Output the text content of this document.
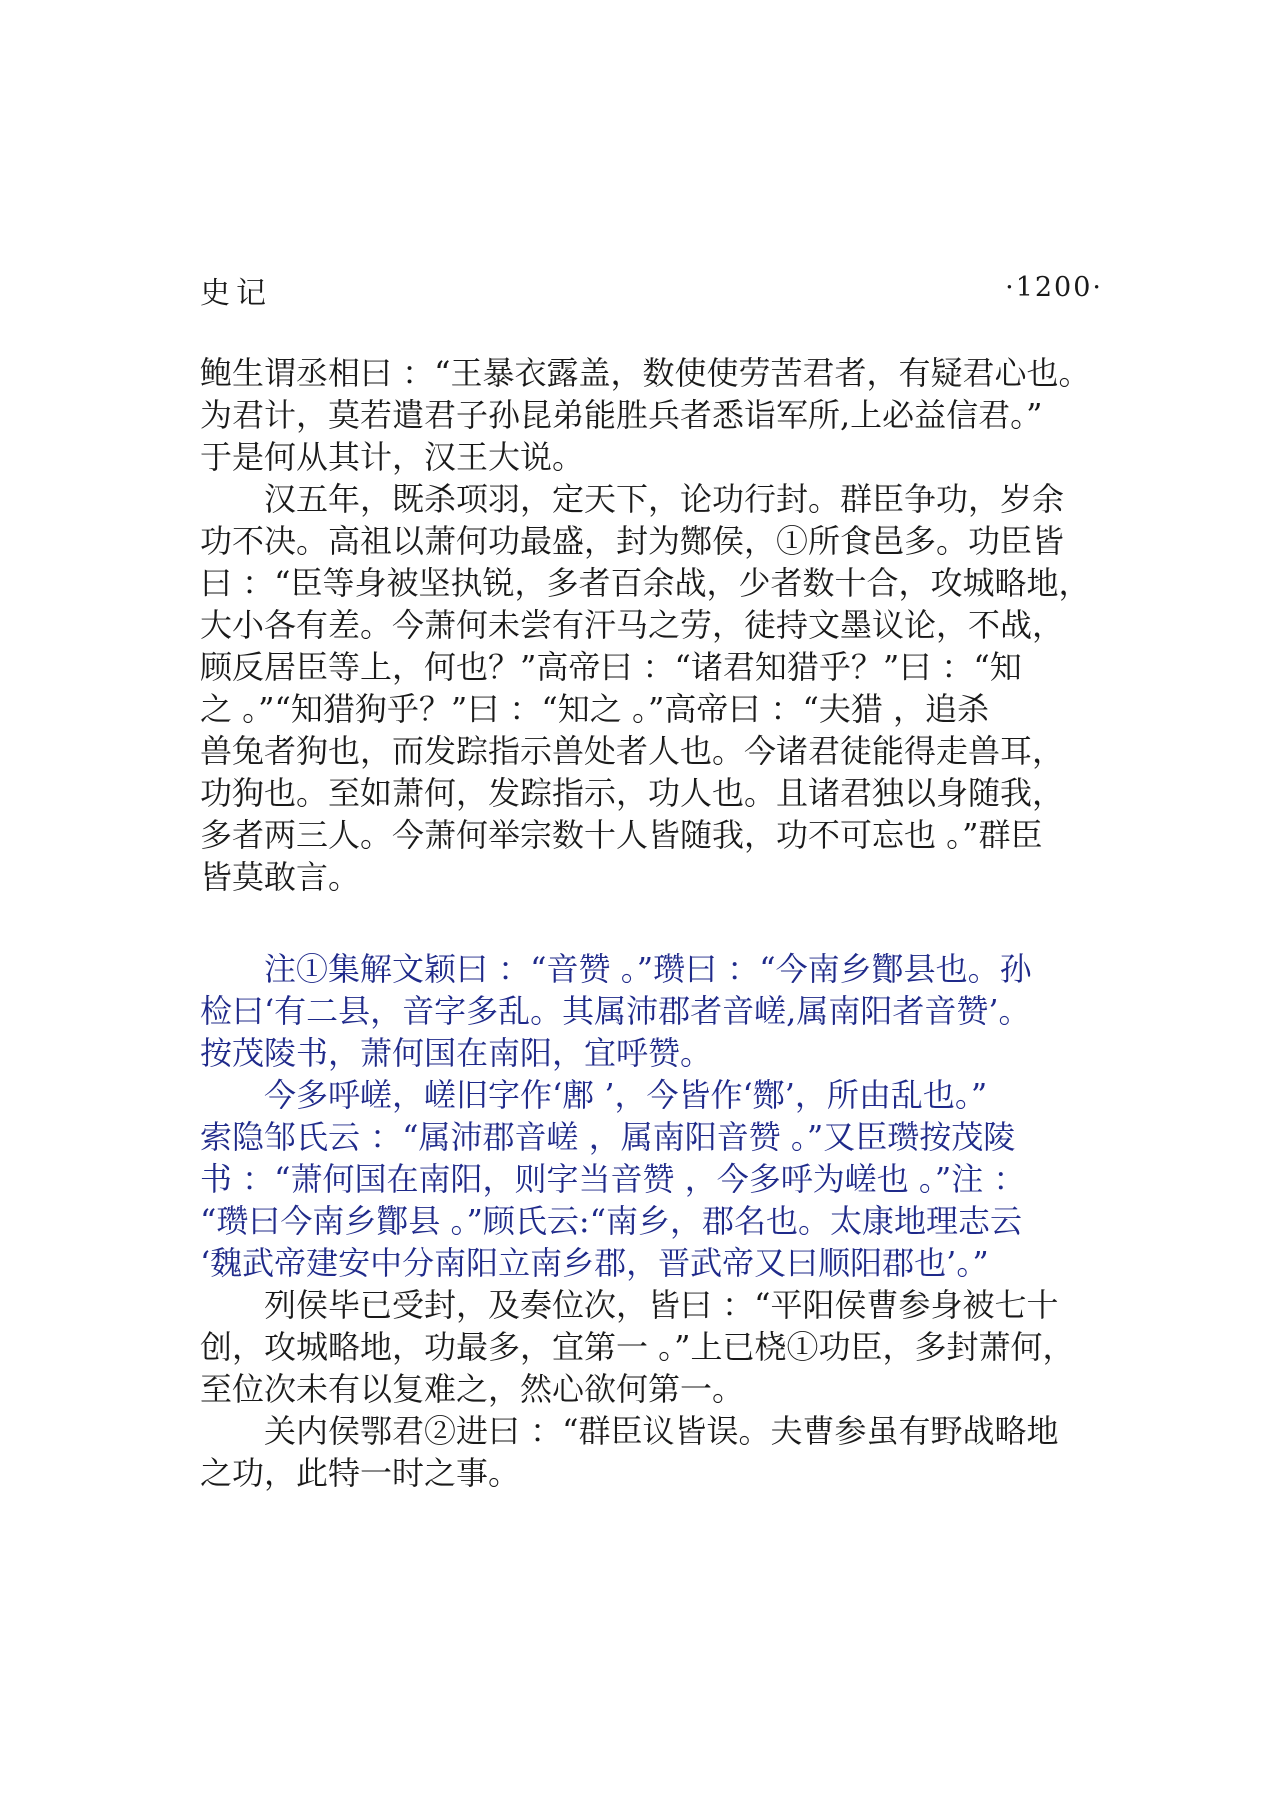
史记	·1200·
鲍生谓丞相曰 ：“王暴衣露盖，数使使劳苦君者，有疑君心也。
为君计，莫若遣君子孙昆弟能胜兵者悉诣军所,上必益信君。”
于是何从其计，汉王大说。
汉五年，既杀项羽，定天下，论功行封。群臣争功，岁余
功不决。高祖以萧何功最盛，封为酂侯，①所食邑多。功臣皆
曰 ：“臣等身被坚执锐，多者百余战，少者数十合，攻城略地，
大小各有差。今萧何未尝有汗马之劳，徒持文墨议论，不战，
顾反居臣等上，何也？”高帝曰 ：“诸君知猎乎？”曰 ：“知
之 。”“知猎狗乎？”曰 ：“知之 。”高帝曰 ：“夫猎 ，追杀
兽兔者狗也，而发踪指示兽处者人也。今诸君徒能得走兽耳，
功狗也。至如萧何，发踪指示，功人也。且诸君独以身随我，
多者两三人。今萧何举宗数十人皆随我，功不可忘也 。”群臣
皆莫敢言。
注①集解文颖曰 ：“音赞 。”瓒曰 ：“今南乡酇县也。孙
检曰‘有二县，音字多乱。其属沛郡者音嵯,属南阳者音赞’。
按茂陵书，萧何国在南阳，宜呼赞。
今多呼嵯，嵯旧字作‘鄌 ’，今皆作‘酂’，所由乱也。”
索隐邹氏云 ：“属沛郡音嵯 ，属南阳音赞 。”又臣瓒按茂陵
书 ：“萧何国在南阳，则字当音赞 ，今多呼为嵯也 。”注 ：
“瓒曰今南乡酇县 。”顾氏云:“南乡，郡名也。太康地理志云
‘魏武帝建安中分南阳立南乡郡，晋武帝又曰顺阳郡也’。”
列侯毕已受封，及奏位次，皆曰 ：“平阳侯曹参身被七十
创，攻城略地，功最多，宜第一 。”上已桡①功臣，多封萧何，
至位次未有以复难之，然心欲何第一。
关内侯鄂君②进曰 ：“群臣议皆误。夫曹参虽有野战略地
之功，此特一时之事。
